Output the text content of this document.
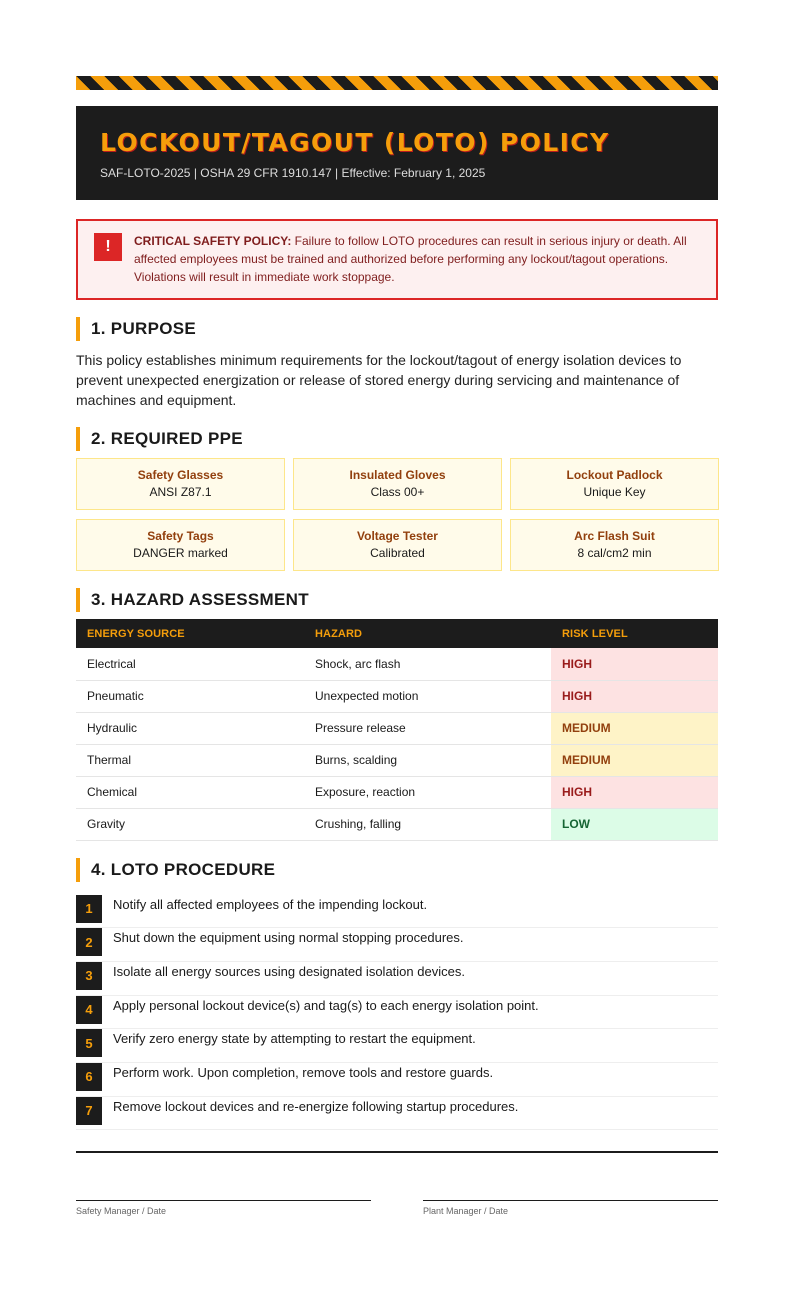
LOCKOUT/TAGOUT (LOTO) POLICY
SAF-LOTO-2025 | OSHA 29 CFR 1910.147 | Effective: February 1, 2025
!	CRITICAL SAFETY POLICY: Failure to follow LOTO procedures can result in serious injury or death. All affected employees must be trained and authorized before performing any lockout/tagout operations. Violations will result in immediate work stoppage.

1. PURPOSE

This policy establishes minimum requirements for the lockout/tagout of energy isolation devices to prevent unexpected energization or release of stored energy during servicing and maintenance of machines and equipment.

2. REQUIRED PPE
Safety Glasses
ANSI Z87.1
Insulated Gloves
Class 00+
Lockout Padlock
Unique Key
Safety Tags
DANGER marked
Voltage Tester
Calibrated
Arc Flash Suit
8 cal/cm2 min
3. HAZARD ASSESSMENT
ENERGY SOURCE	HAZARD	RISK LEVEL
Electrical	Shock, arc flash	HIGH
Pneumatic	Unexpected motion	HIGH
Hydraulic	Pressure release	MEDIUM
Thermal	Burns, scalding	MEDIUM
Chemical	Exposure, reaction	HIGH
Gravity	Crushing, falling	LOW
4. LOTO PROCEDURE
1	Notify all affected employees of the impending lockout.
2	Shut down the equipment using normal stopping procedures.
3	Isolate all energy sources using designated isolation devices.
4	Apply personal lockout device(s) and tag(s) to each energy isolation point.
5	Verify zero energy state by attempting to restart the equipment.
6	Perform work. Upon completion, remove tools and restore guards.
7	Remove lockout devices and re-energize following startup procedures.
Safety Manager / Date	Plant Manager / Date
